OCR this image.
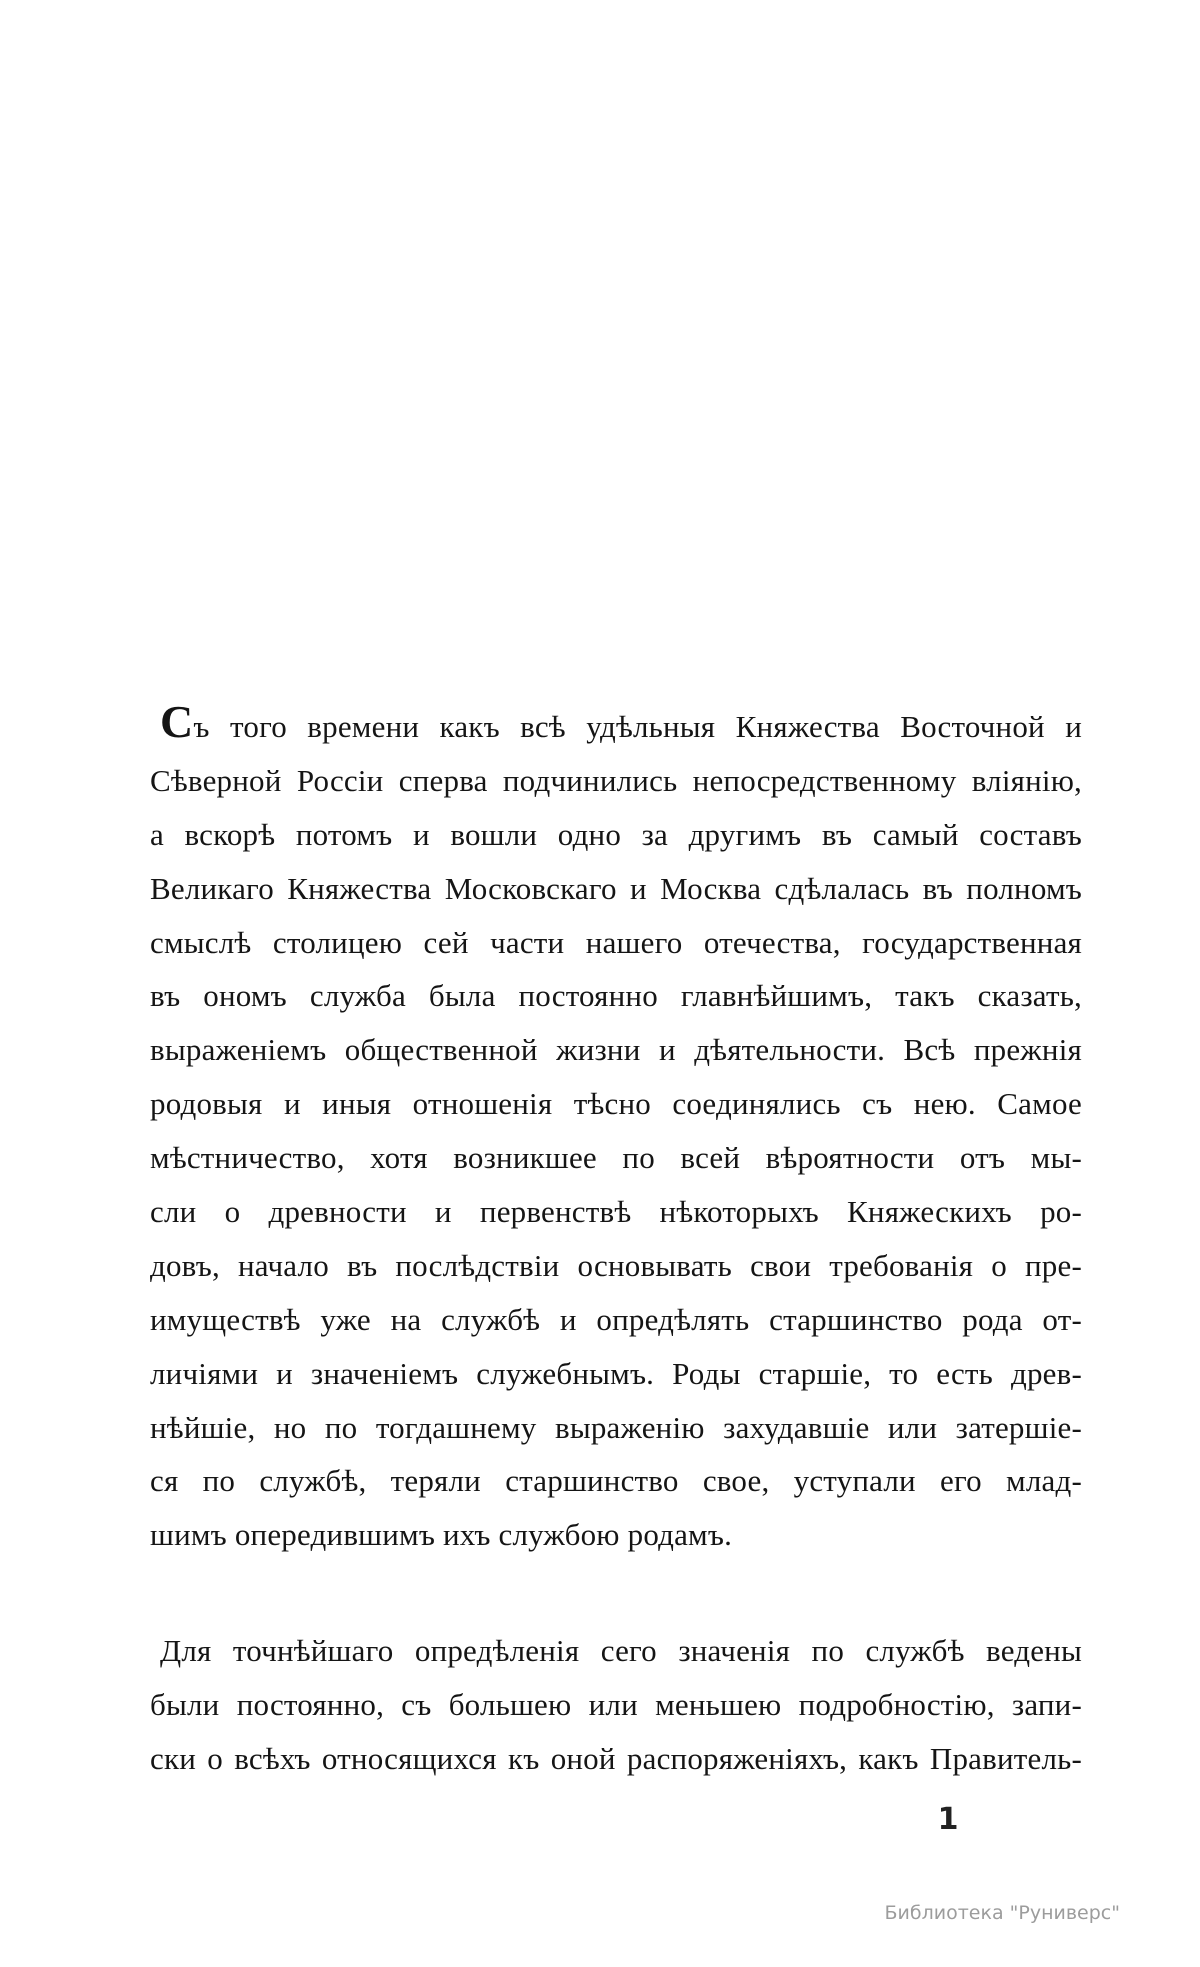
Съ того времени какъ всѣ удѣльныя Княжества Восточной и
Сѣверной Россіи сперва подчинились непосредственному вліянію,
а вскорѣ потомъ и вошли одно за другимъ въ самый составъ
Великаго Княжества Московскаго и Москва сдѣлалась въ полномъ
смыслѣ столицею сей части нашего отечества, государственная
въ ономъ служба была постоянно главнѣйшимъ, такъ сказать,
выраженіемъ общественной жизни и дѣятельности. Всѣ прежнія
родовыя и иныя отношенія тѣсно соединялись съ нею. Самое
мѣстничество, хотя возникшее по всей вѣроятности отъ мы-
сли о древности и первенствѣ нѣкоторыхъ Княжескихъ ро-
довъ, начало въ послѣдствіи основывать свои требованія о пре-
имуществѣ уже на службѣ и опредѣлять старшинство рода от-
личіями и значеніемъ служебнымъ. Роды старшіе, то есть древ-
нѣйшіе, но по тогдашнему выраженію захудавшіе или затершіе-
ся по службѣ, теряли старшинство свое, уступали его млад-
шимъ опередившимъ ихъ службою родамъ.
Для точнѣйшаго опредѣленія сего значенія по службѣ ведены
были постоянно, съ большею или меньшею подробностію, запи-
ски о всѣхъ относящихся къ оной распоряженіяхъ, какъ Правитель-
1
Библиотека "Руниверс"
